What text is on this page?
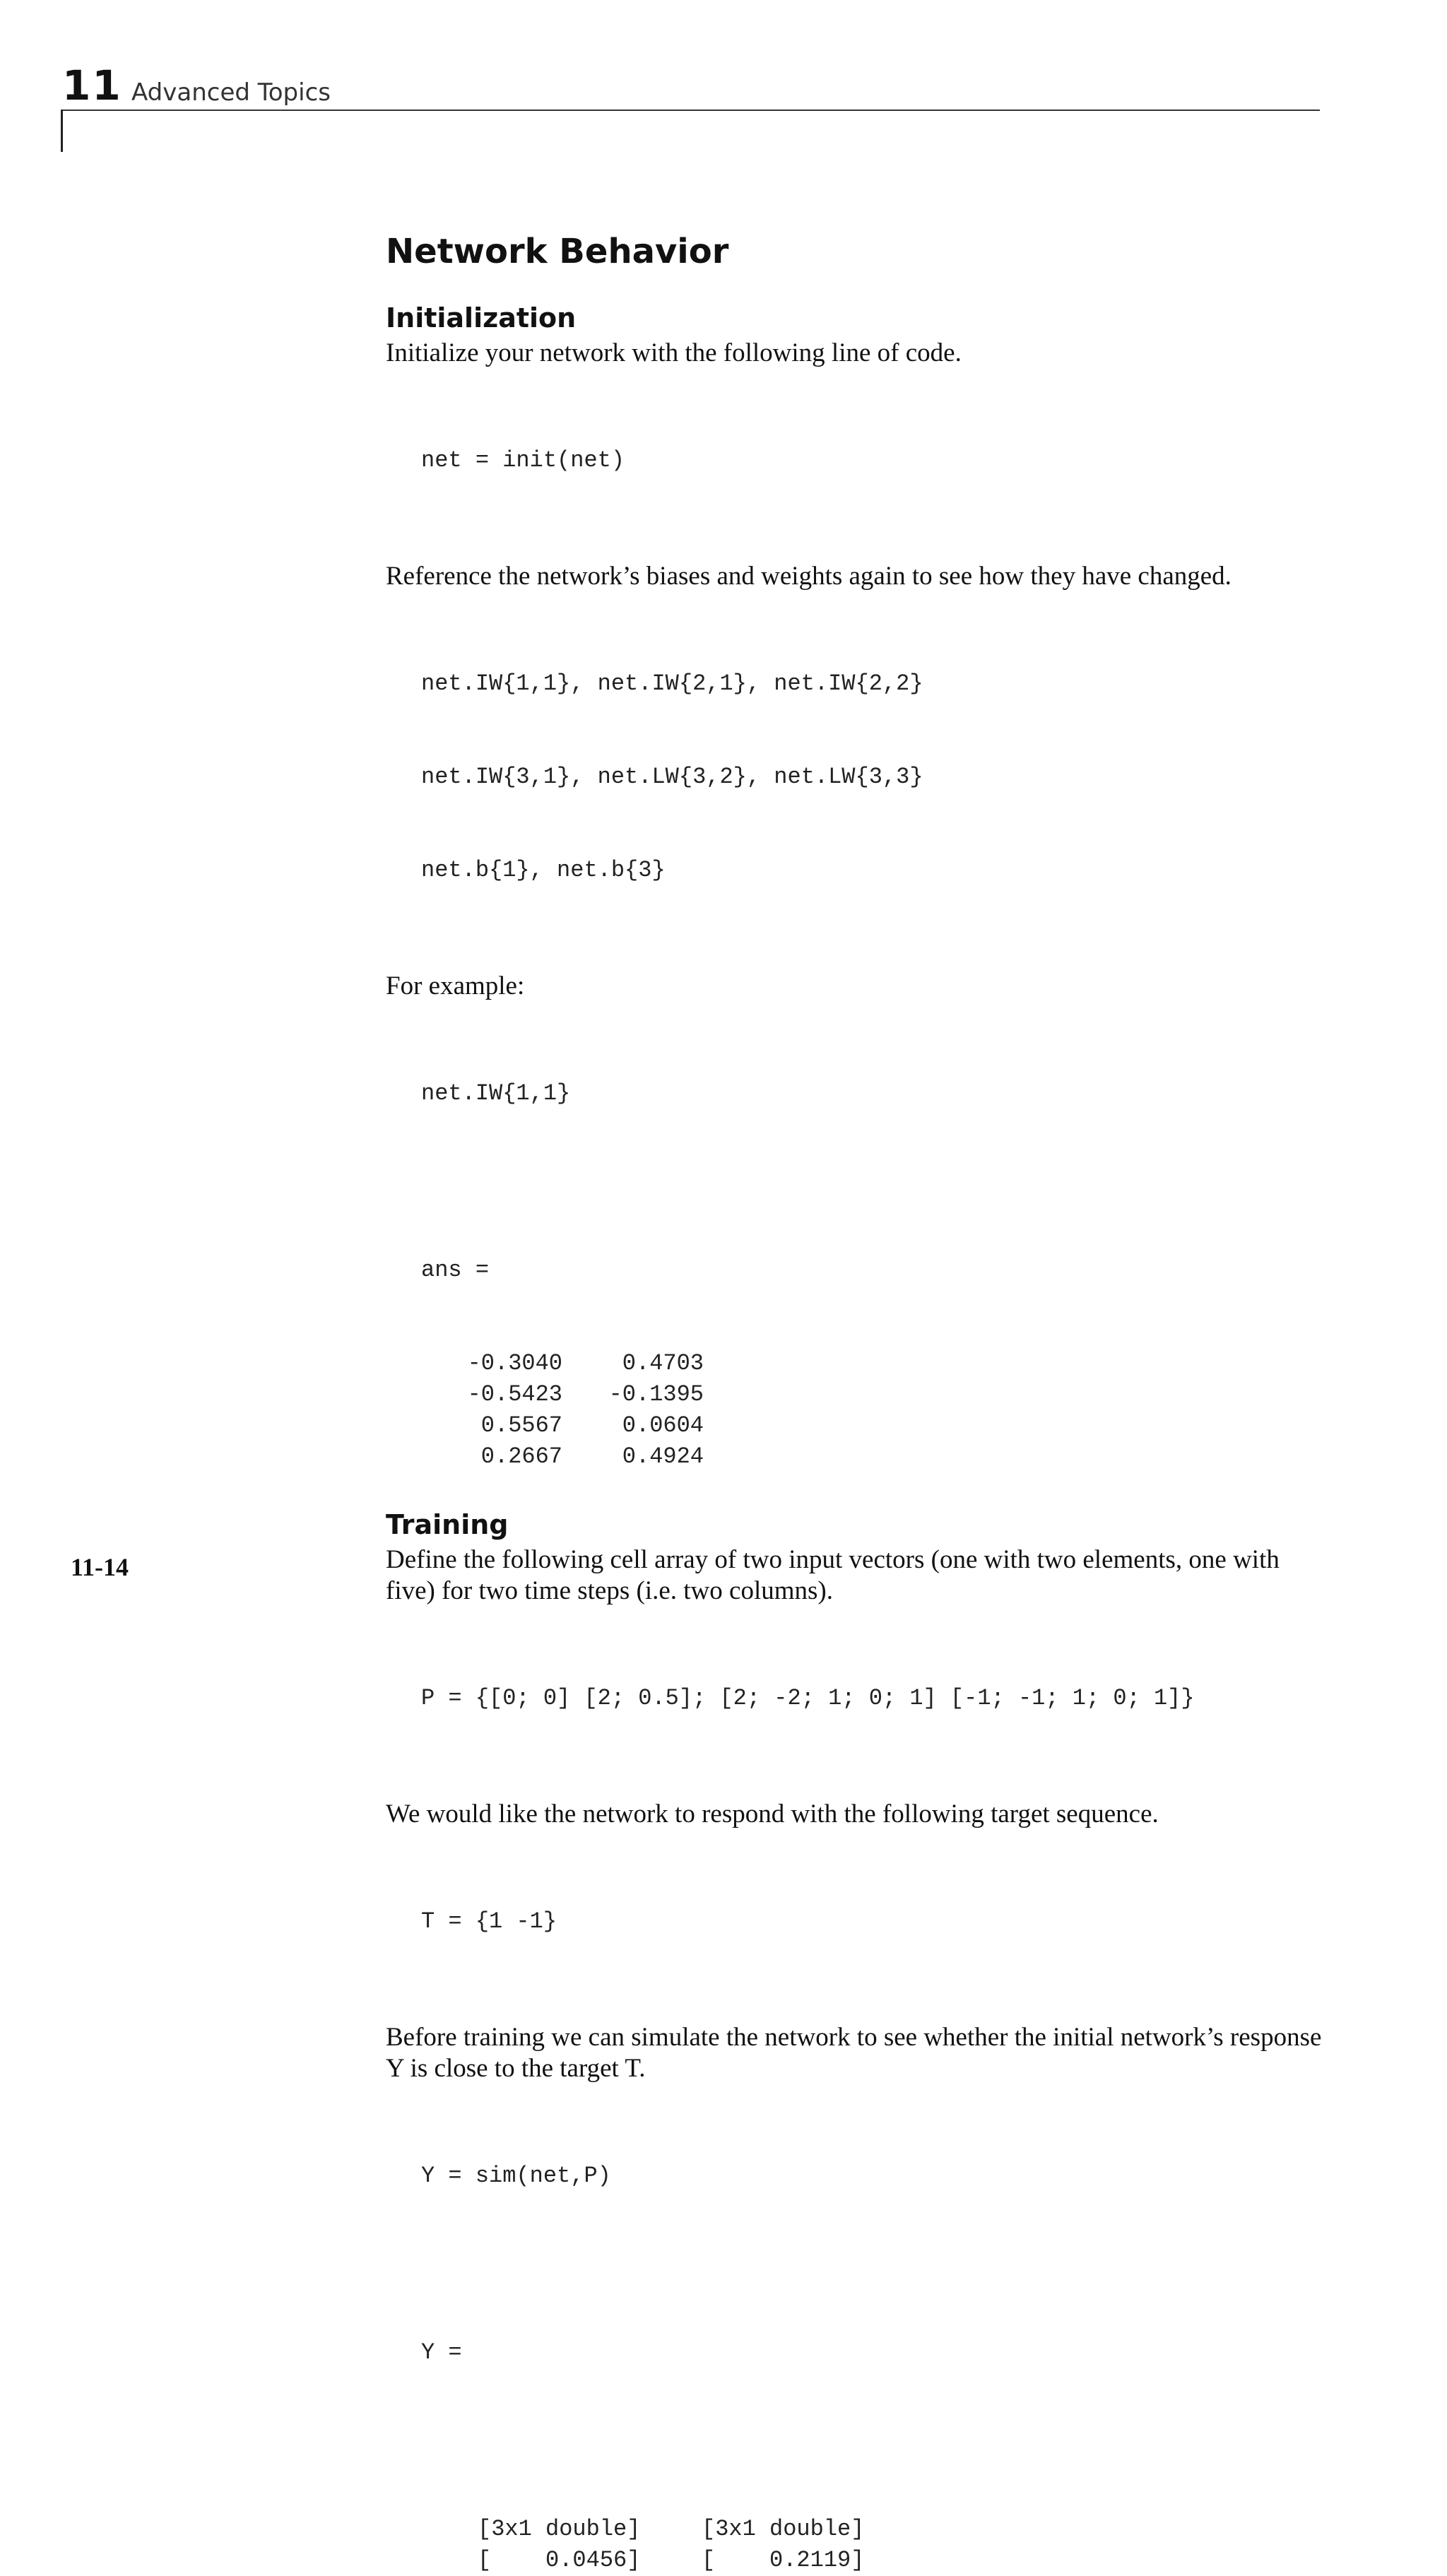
11 Advanced Topics
Network Behavior
Initialization

Initialize your network with the following line of code.

net = init(net)

Reference the network’s biases and weights again to see how they have changed.

net.IW{1,1}, net.IW{2,1}, net.IW{2,2}

net.IW{3,1}, net.LW{3,2}, net.LW{3,3}

net.b{1}, net.b{3}

For example:

net.IW{1,1}

ans =

-0.3040	0.4703
-0.5423	-0.1395
0.5567	0.0604
0.2667	0.4924
Training

Define the following cell array of two input vectors (one with two elements, one with five) for two time steps (i.e. two columns).

P = {[0; 0] [2; 0.5]; [2; -2; 1; 0; 1] [-1; -1; 1; 0; 1]}

We would like the network to respond with the following target sequence.

T = {1 -1}

Before training we can simulate the network to see whether the initial network’s response Y is close to the target T.

Y = sim(net,P)

Y =

[3x1 double]	[3x1 double]
[    0.0456]	[    0.2119]
11-14
